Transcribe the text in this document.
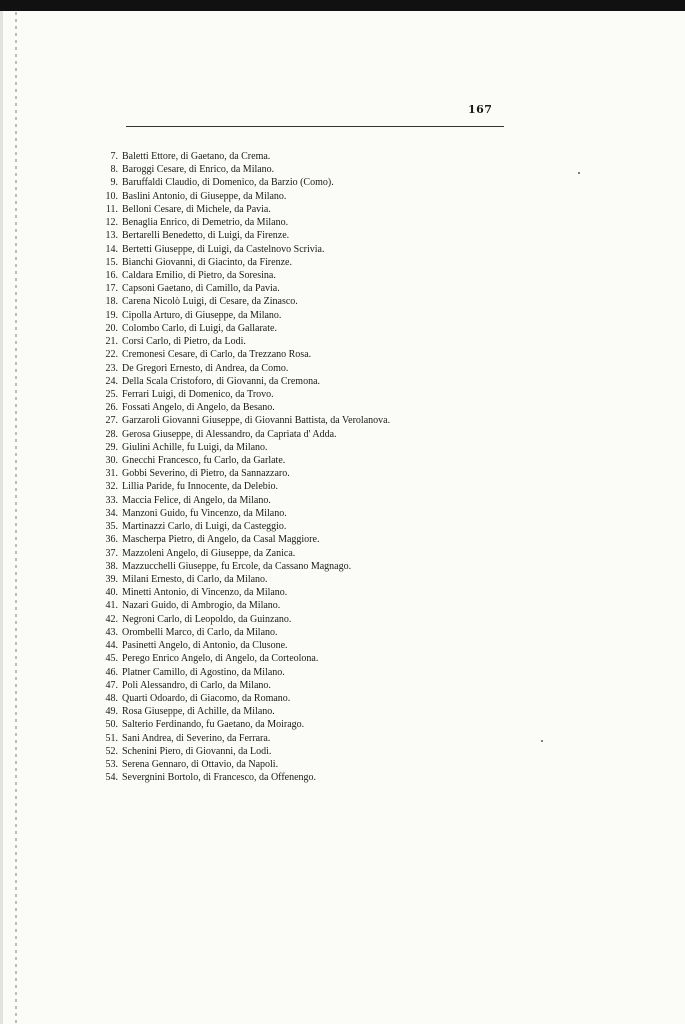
167
7. Baletti Ettore, di Gaetano, da Crema.
8. Baroggi Cesare, di Enrico, da Milano.
9. Baruffaldi Claudio, di Domenico, da Barzio (Como).
10. Baslini Antonio, di Giuseppe, da Milano.
11. Belloni Cesare, di Michele, da Pavia.
12. Benaglia Enrico, di Demetrio, da Milano.
13. Bertarelli Benedetto, di Luigi, da Firenze.
14. Bertetti Giuseppe, di Luigi, da Castelnovo Scrivia.
15. Bianchi Giovanni, di Giacinto, da Firenze.
16. Caldara Emilio, di Pietro, da Soresina.
17. Capsoni Gaetano, di Camillo, da Pavia.
18. Carena Nicolò Luigi, di Cesare, da Zinasco.
19. Cipolla Arturo, di Giuseppe, da Milano.
20. Colombo Carlo, di Luigi, da Gallarate.
21. Corsi Carlo, di Pietro, da Lodi.
22. Cremonesi Cesare, di Carlo, da Trezzano Rosa.
23. De Gregori Ernesto, di Andrea, da Como.
24. Della Scala Cristoforo, di Giovanni, da Cremona.
25. Ferrari Luigi, di Domenico, da Trovo.
26. Fossati Angelo, di Angelo, da Besano.
27. Garzaroli Giovanni Giuseppe, di Giovanni Battista, da Verolanova.
28. Gerosa Giuseppe, di Alessandro, da Capriata d' Adda.
29. Giulini Achille, fu Luigi, da Milano.
30. Gnecchi Francesco, fu Carlo, da Garlate.
31. Gobbi Severino, di Pietro, da Sannazzaro.
32. Lillia Paride, fu Innocente, da Delebio.
33. Maccia Felice, di Angelo, da Milano.
34. Manzoni Guido, fu Vincenzo, da Milano.
35. Martinazzi Carlo, di Luigi, da Casteggio.
36. Mascherpa Pietro, di Angelo, da Casal Maggiore.
37. Mazzoleni Angelo, di Giuseppe, da Zanica.
38. Mazzucchelli Giuseppe, fu Ercole, da Cassano Magnago.
39. Milani Ernesto, di Carlo, da Milano.
40. Minetti Antonio, di Vincenzo, da Milano.
41. Nazari Guido, di Ambrogio, da Milano.
42. Negroni Carlo, di Leopoldo, da Guinzano.
43. Orombelli Marco, di Carlo, da Milano.
44. Pasinetti Angelo, di Antonio, da Clusone.
45. Perego Enrico Angelo, di Angelo, da Corteolona.
46. Platner Camillo, di Agostino, da Milano.
47. Poli Alessandro, di Carlo, da Milano.
48. Quarti Odoardo, di Giacomo, da Romano.
49. Rosa Giuseppe, di Achille, da Milano.
50. Salterio Ferdinando, fu Gaetano, da Moirago.
51. Sani Andrea, di Severino, da Ferrara.
52. Schenini Piero, di Giovanni, da Lodi.
53. Serena Gennaro, di Ottavio, da Napoli.
54. Severgnini Bortolo, di Francesco, da Offenengo.
